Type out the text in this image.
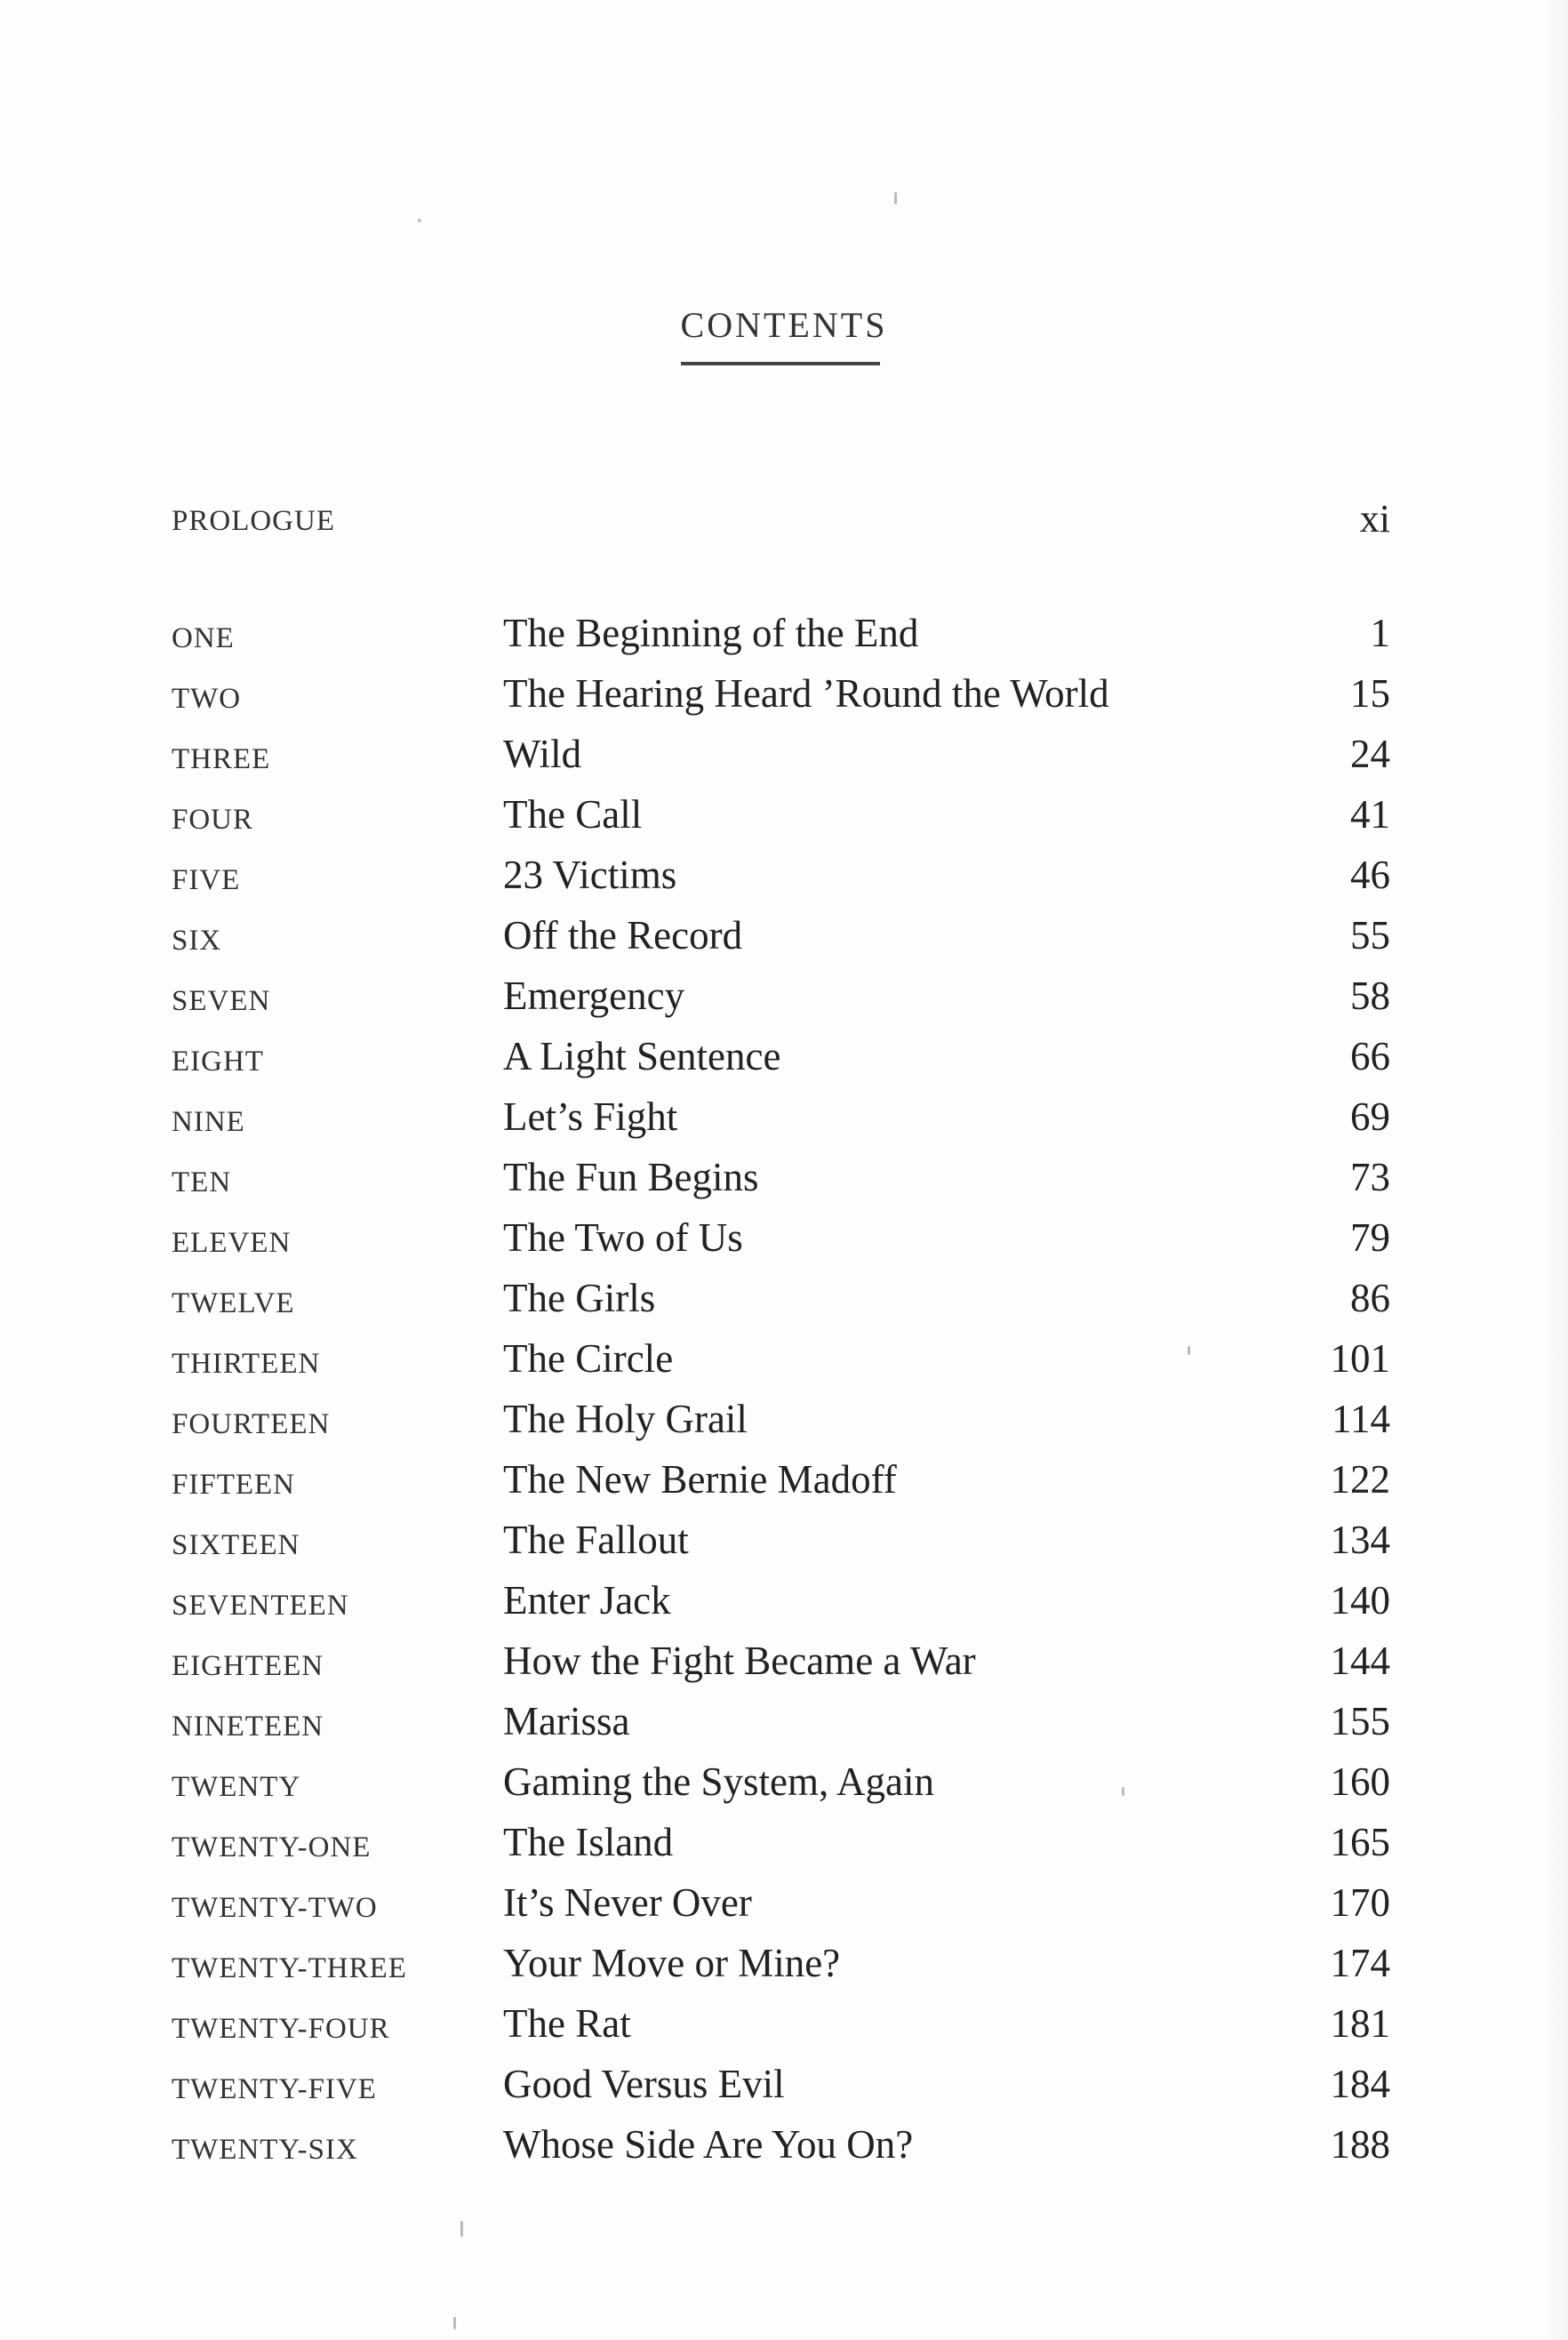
CONTENTS
PROLOGUE	xi
ONE	The Beginning of the End	1
TWO	The Hearing Heard ’Round the World	15
THREE	Wild	24
FOUR	The Call	41
FIVE	23 Victims	46
SIX	Off the Record	55
SEVEN	Emergency	58
EIGHT	A Light Sentence	66
NINE	Let’s Fight	69
TEN	The Fun Begins	73
ELEVEN	The Two of Us	79
TWELVE	The Girls	86
THIRTEEN	The Circle	101
FOURTEEN	The Holy Grail	114
FIFTEEN	The New Bernie Madoff	122
SIXTEEN	The Fallout	134
SEVENTEEN	Enter Jack	140
EIGHTEEN	How the Fight Became a War	144
NINETEEN	Marissa	155
TWENTY	Gaming the System, Again	160
TWENTY-ONE	The Island	165
TWENTY-TWO	It’s Never Over	170
TWENTY-THREE Your Move or Mine?	174
TWENTY-FOUR	The Rat	181
TWENTY-FIVE	Good Versus Evil	184
TWENTY-SIX	Whose Side Are You On?	188
